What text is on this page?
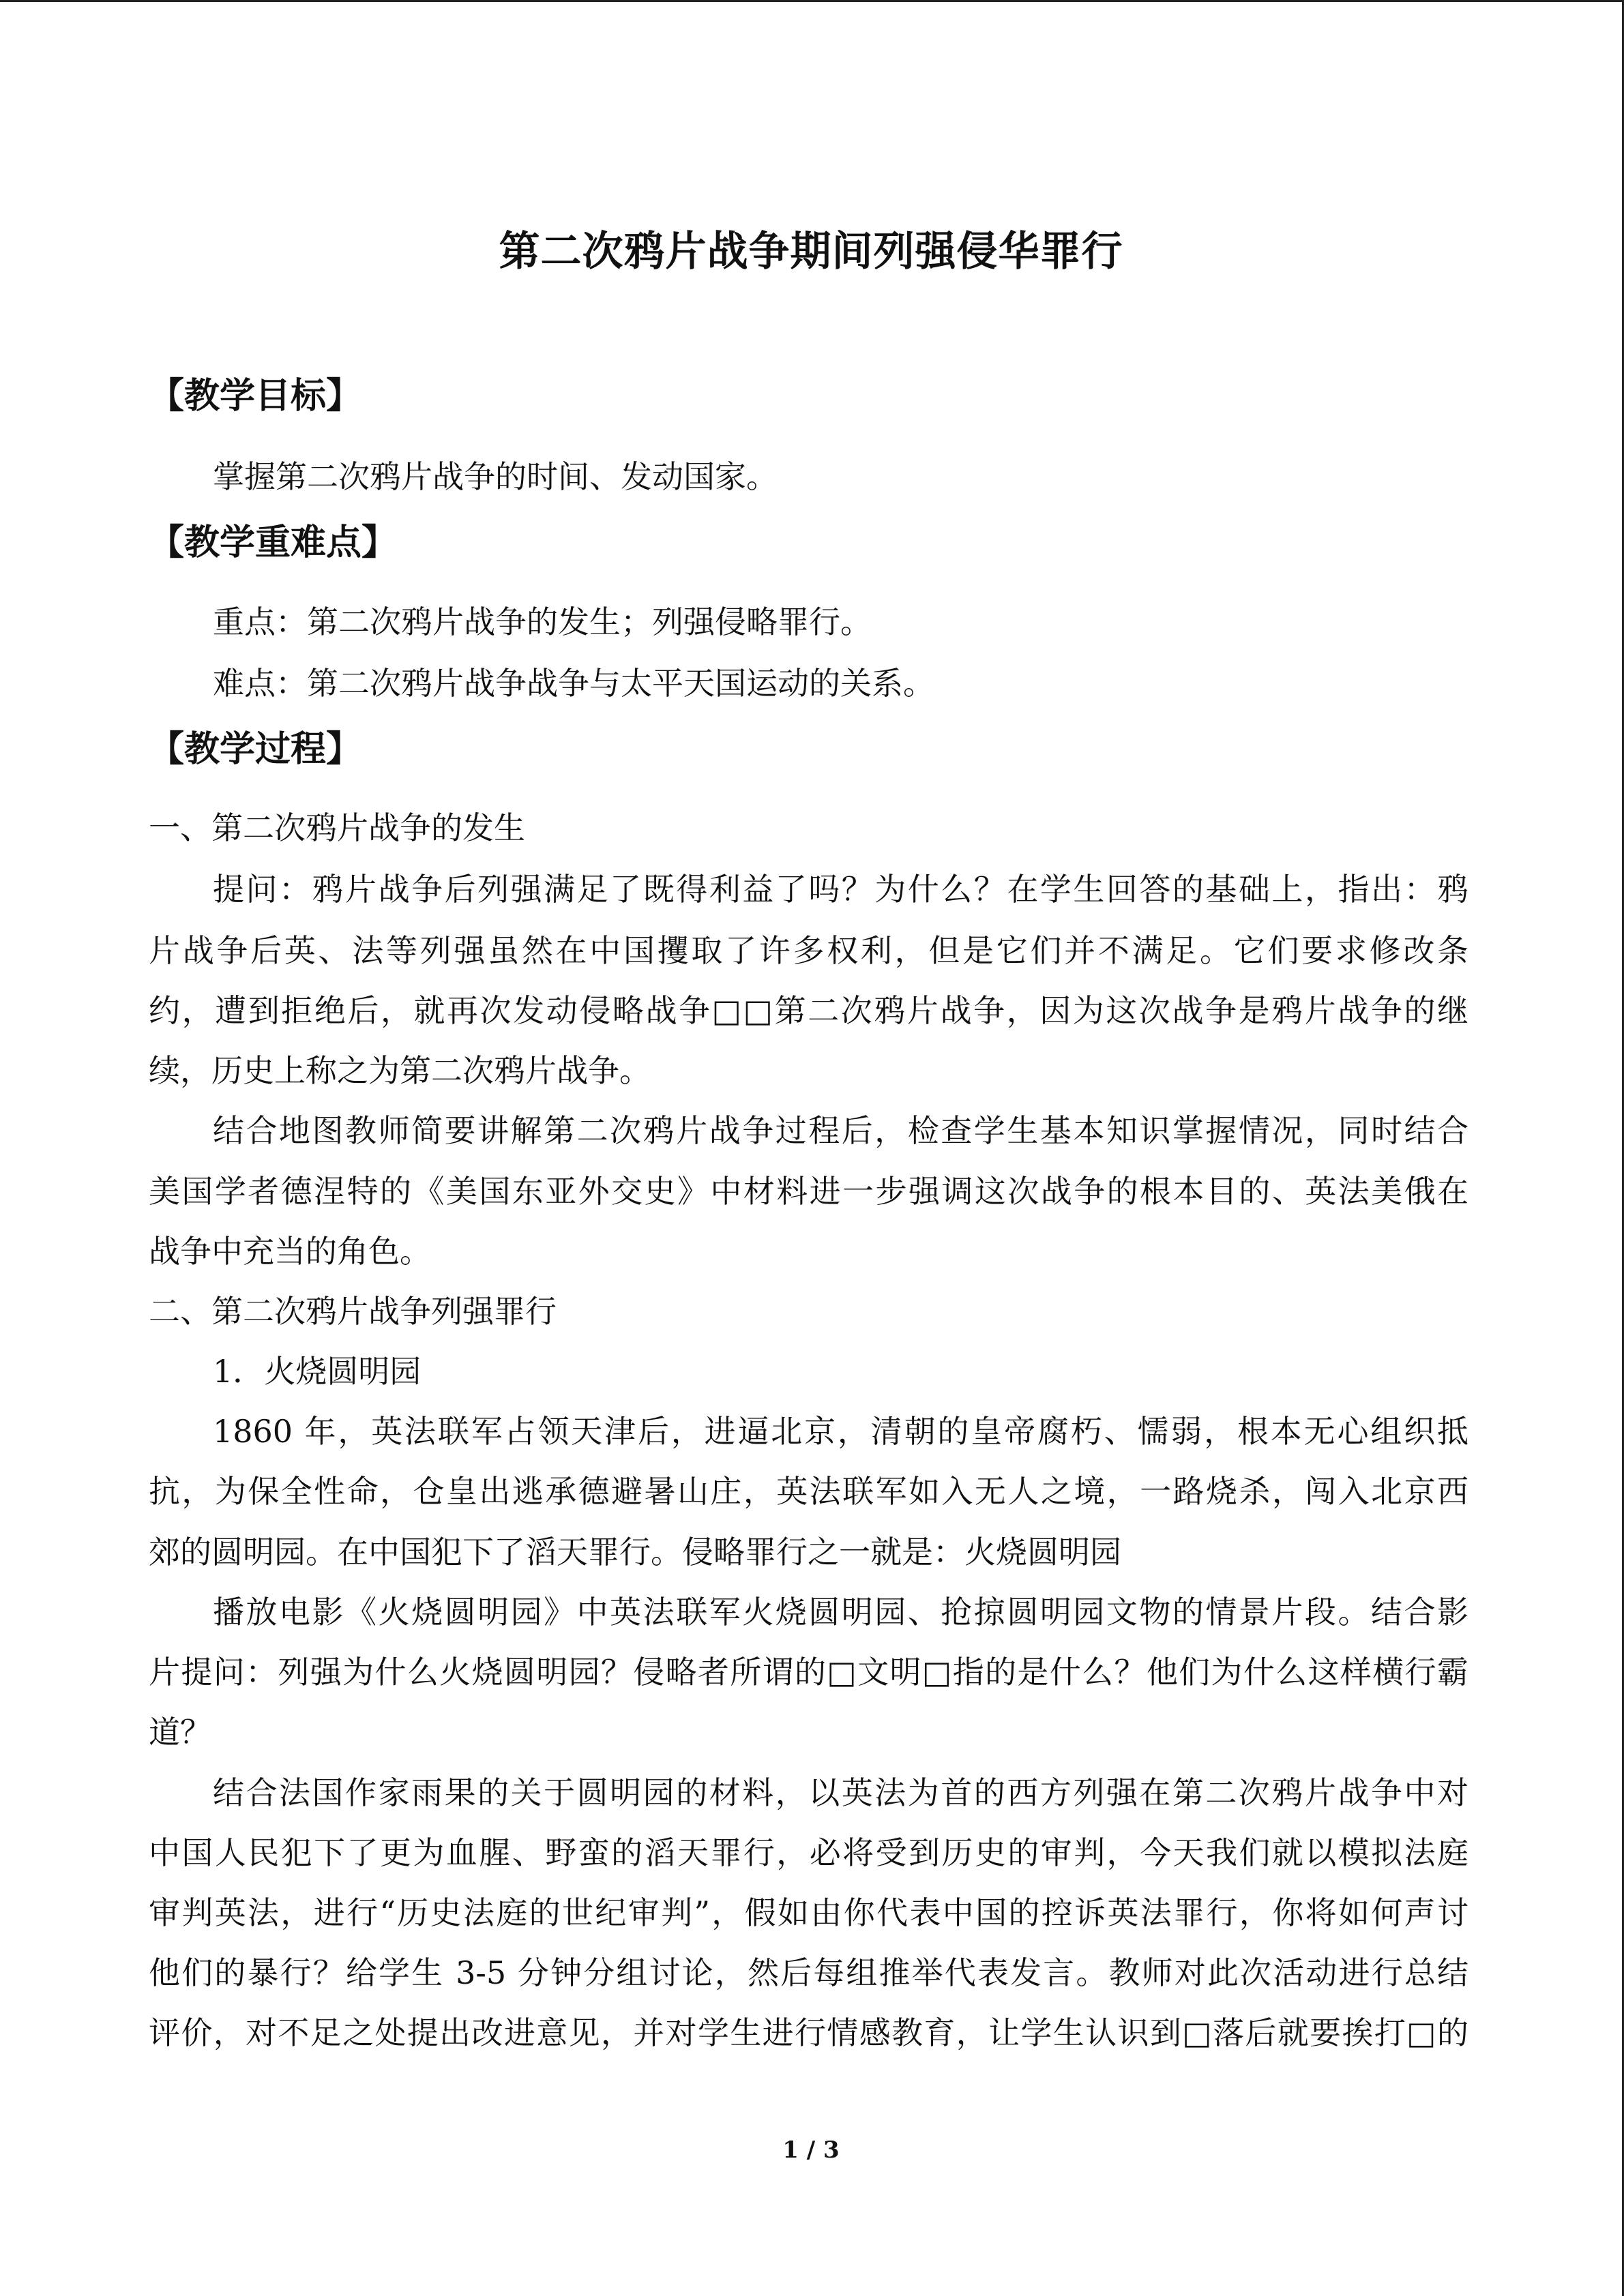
第二次鸦片战争期间列强侵华罪行
【教学目标】
掌握第二次鸦片战争的时间、发动国家。
【教学重难点】
重点：第二次鸦片战争的发生；列强侵略罪行。
难点：第二次鸦片战争战争与太平天国运动的关系。
【教学过程】
一、第二次鸦片战争的发生
提问：鸦片战争后列强满足了既得利益了吗？为什么？在学生回答的基础上，指出：鸦
片战争后英、法等列强虽然在中国攫取了许多权利，但是它们并不满足。它们要求修改条
约，遭到拒绝后，就再次发动侵略战争□□第二次鸦片战争，因为这次战争是鸦片战争的继
续，历史上称之为第二次鸦片战争。
结合地图教师简要讲解第二次鸦片战争过程后，检查学生基本知识掌握情况，同时结合
美国学者德涅特的《美国东亚外交史》中材料进一步强调这次战争的根本目的、英法美俄在
战争中充当的角色。
二、第二次鸦片战争列强罪行
1．火烧圆明园
1860 年，英法联军占领天津后，进逼北京，清朝的皇帝腐朽、懦弱，根本无心组织抵
抗，为保全性命，仓皇出逃承德避暑山庄，英法联军如入无人之境，一路烧杀，闯入北京西
郊的圆明园。在中国犯下了滔天罪行。侵略罪行之一就是：火烧圆明园
播放电影《火烧圆明园》中英法联军火烧圆明园、抢掠圆明园文物的情景片段。结合影
片提问：列强为什么火烧圆明园？侵略者所谓的□文明□指的是什么？他们为什么这样横行霸
道？
结合法国作家雨果的关于圆明园的材料，以英法为首的西方列强在第二次鸦片战争中对
中国人民犯下了更为血腥、野蛮的滔天罪行，必将受到历史的审判，今天我们就以模拟法庭
审判英法，进行“历史法庭的世纪审判”，假如由你代表中国的控诉英法罪行，你将如何声讨
他们的暴行？给学生 3-5 分钟分组讨论，然后每组推举代表发言。教师对此次活动进行总结
评价，对不足之处提出改进意见，并对学生进行情感教育，让学生认识到□落后就要挨打□的
1 / 3
